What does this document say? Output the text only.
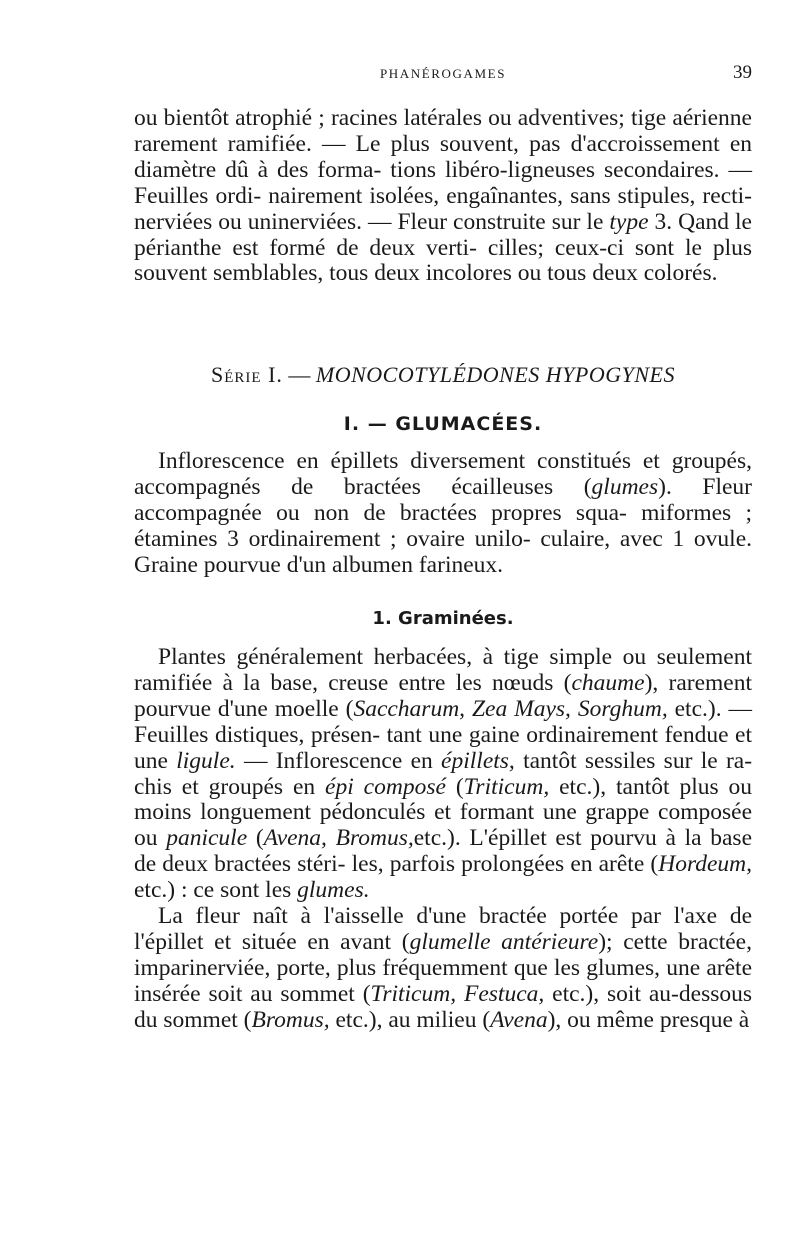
PHANÉROGAMES	39

ou bientôt atrophié ; racines latérales ou adventives; tige aérienne rarement ramifiée. — Le plus souvent, pas d'accroissement en diamètre dû à des forma- tions libéro-ligneuses secondaires. — Feuilles ordi- nairement isolées, engaînantes, sans stipules, recti- nerviées ou uninerviées. — Fleur construite sur le type 3. Qand le périanthe est formé de deux verti- cilles; ceux-ci sont le plus souvent semblables, tous deux incolores ou tous deux colorés.

Série I. — MONOCOTYLÉDONES HYPOGYNES
I. — GLUMACÉES.

Inflorescence en épillets diversement constitués et groupés, accompagnés de bractées écailleuses (glumes). Fleur accompagnée ou non de bractées propres squa- miformes ; étamines 3 ordinairement ; ovaire unilo- culaire, avec 1 ovule. Graine pourvue d'un albumen farineux.

1. Graminées.

Plantes généralement herbacées, à tige simple ou seulement ramifiée à la base, creuse entre les nœuds (chaume), rarement pourvue d'une moelle (Saccharum, Zea Mays, Sorghum, etc.). — Feuilles distiques, présen- tant une gaine ordinairement fendue et une ligule. — Inflorescence en épillets, tantôt sessiles sur le ra- chis et groupés en épi composé (Triticum, etc.), tantôt plus ou moins longuement pédonculés et formant une grappe composée ou panicule (Avena, Bromus,etc.). L'épillet est pourvu à la base de deux bractées stéri- les, parfois prolongées en arête (Hordeum, etc.) : ce sont les glumes.

La fleur naît à l'aisselle d'une bractée portée par l'axe de l'épillet et située en avant (glumelle antérieure); cette bractée, imparinerviée, porte, plus fréquemment que les glumes, une arête insérée soit au sommet (Triticum, Festuca, etc.), soit au-dessous du sommet (Bromus, etc.), au milieu (Avena), ou même presque à
